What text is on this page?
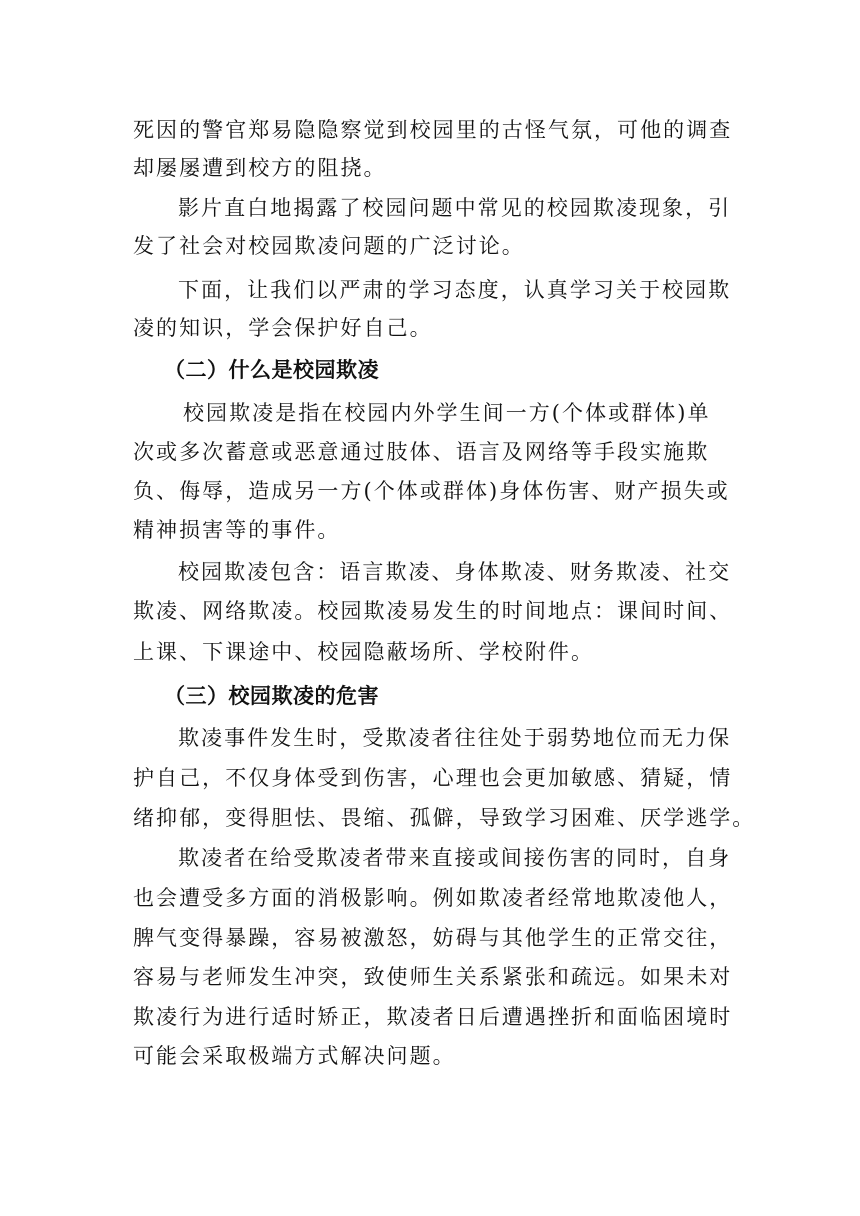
死因的警官郑易隐隐察觉到校园里的古怪气氛，可他的调查
却屡屡遭到校方的阻挠。
影片直白地揭露了校园问题中常见的校园欺凌现象，引
发了社会对校园欺凌问题的广泛讨论。
下面，让我们以严肃的学习态度，认真学习关于校园欺
凌的知识，学会保护好自己。
（二）什么是校园欺凌
校园欺凌是指在校园内外学生间一方(个体或群体)单
次或多次蓄意或恶意通过肢体、语言及网络等手段实施欺
负、侮辱，造成另一方(个体或群体)身体伤害、财产损失或
精神损害等的事件。
校园欺凌包含：语言欺凌、身体欺凌、财务欺凌、社交
欺凌、网络欺凌。校园欺凌易发生的时间地点：课间时间、
上课、下课途中、校园隐蔽场所、学校附件。
（三）校园欺凌的危害
欺凌事件发生时，受欺凌者往往处于弱势地位而无力保
护自己，不仅身体受到伤害，心理也会更加敏感、猜疑，情
绪抑郁，变得胆怯、畏缩、孤僻，导致学习困难、厌学逃学。
欺凌者在给受欺凌者带来直接或间接伤害的同时，自身
也会遭受多方面的消极影响。例如欺凌者经常地欺凌他人，
脾气变得暴躁，容易被激怒，妨碍与其他学生的正常交往，
容易与老师发生冲突，致使师生关系紧张和疏远。如果未对
欺凌行为进行适时矫正，欺凌者日后遭遇挫折和面临困境时
可能会采取极端方式解决问题。
